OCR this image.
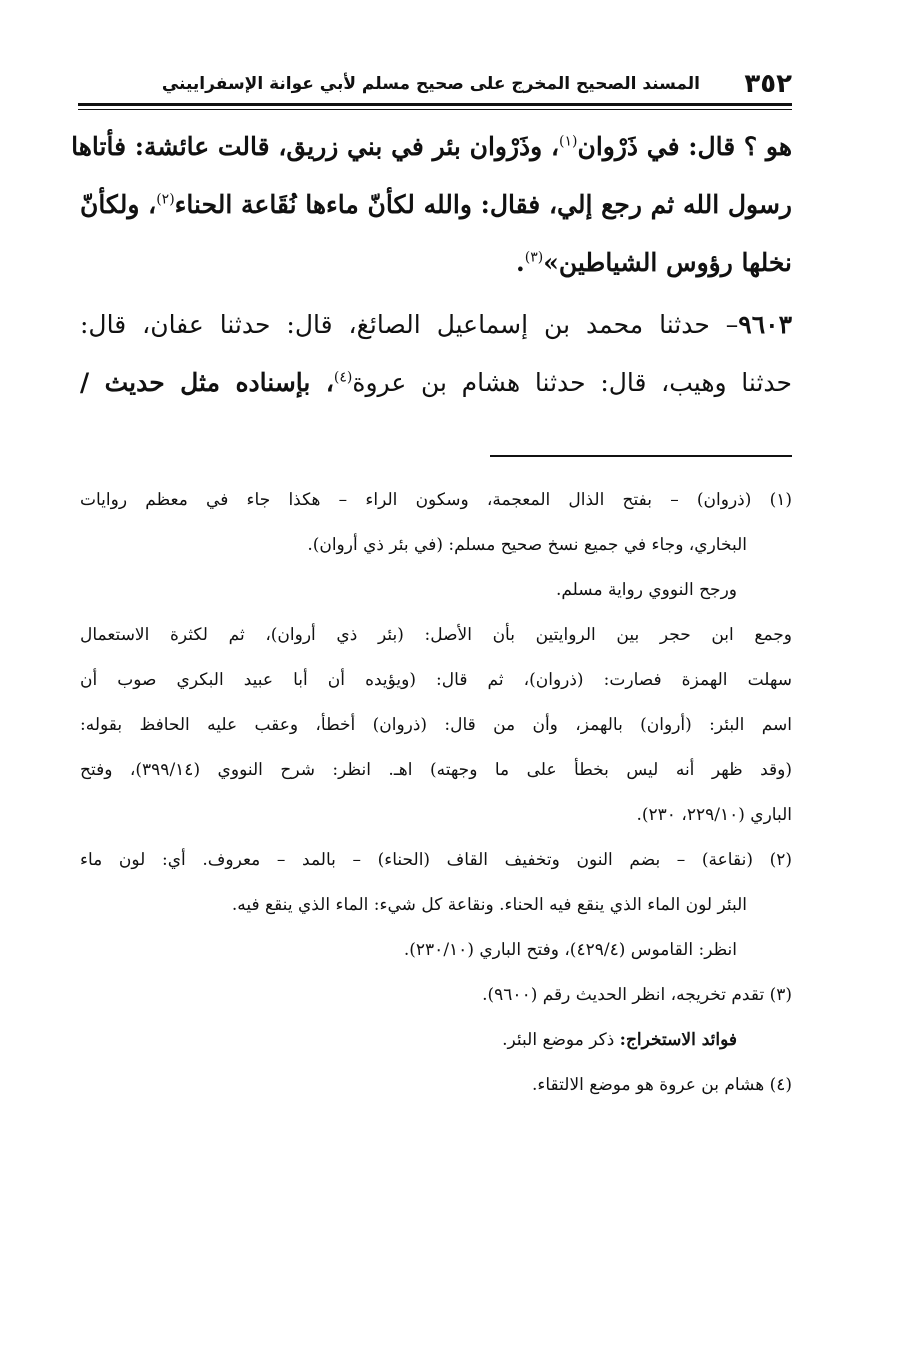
٣٥٢
المسند الصحيح المخرج على صحيح مسلم لأبي عوانة الإسفراييني
هو ؟ قال: في ذَرْوان$^{(١)}$، وذَرْوان بئر في بني زريق، قالت عائشة: فأتاها
رسول الله ثم رجع إلي، فقال: والله لكأنّ ماءها نُقَاعة الحناء$^{(٢)}$، ولكأنّ
نخلها رؤوس الشياطين»$^{(٣)}$.
٩٦٠٣– حدثنا محمد بن إسماعيل الصائغ، قال: حدثنا عفان، قال:
حدثنا وهيب، قال: حدثنا هشام بن عروة$^{(٤)}$، بإسناده مثل حديث /
(١) (ذروان) – بفتح الذال المعجمة، وسكون الراء – هكذا جاء في معظم روايات
البخاري، وجاء في جميع نسخ صحيح مسلم: (في بئر ذي أروان).
ورجح النووي رواية مسلم.
وجمع ابن حجر بين الروايتين بأن الأصل: (بئر ذي أروان)، ثم لكثرة الاستعمال
سهلت الهمزة فصارت: (ذروان)، ثم قال: (ويؤيده أن أبا عبيد البكري صوب أن
اسم البئر: (أروان) بالهمز، وأن من قال: (ذروان) أخطأ، وعقب عليه الحافظ بقوله:
(وقد ظهر أنه ليس بخطأ على ما وجهته) اهـ. انظر: شرح النووي (٣٩٩/١٤)، وفتح
الباري (٢٢٩/١٠، ٢٣٠).
(٢) (نقاعة) – بضم النون وتخفيف القاف (الحناء) – بالمد – معروف. أي: لون ماء
البئر لون الماء الذي ينقع فيه الحناء. ونقاعة كل شيء: الماء الذي ينقع فيه.
انظر: القاموس (٤٢٩/٤)، وفتح الباري (٢٣٠/١٠).
(٣) تقدم تخريجه، انظر الحديث رقم (٩٦٠٠).
فوائد الاستخراج: ذكر موضع البئر.
(٤) هشام بن عروة هو موضع الالتقاء.
